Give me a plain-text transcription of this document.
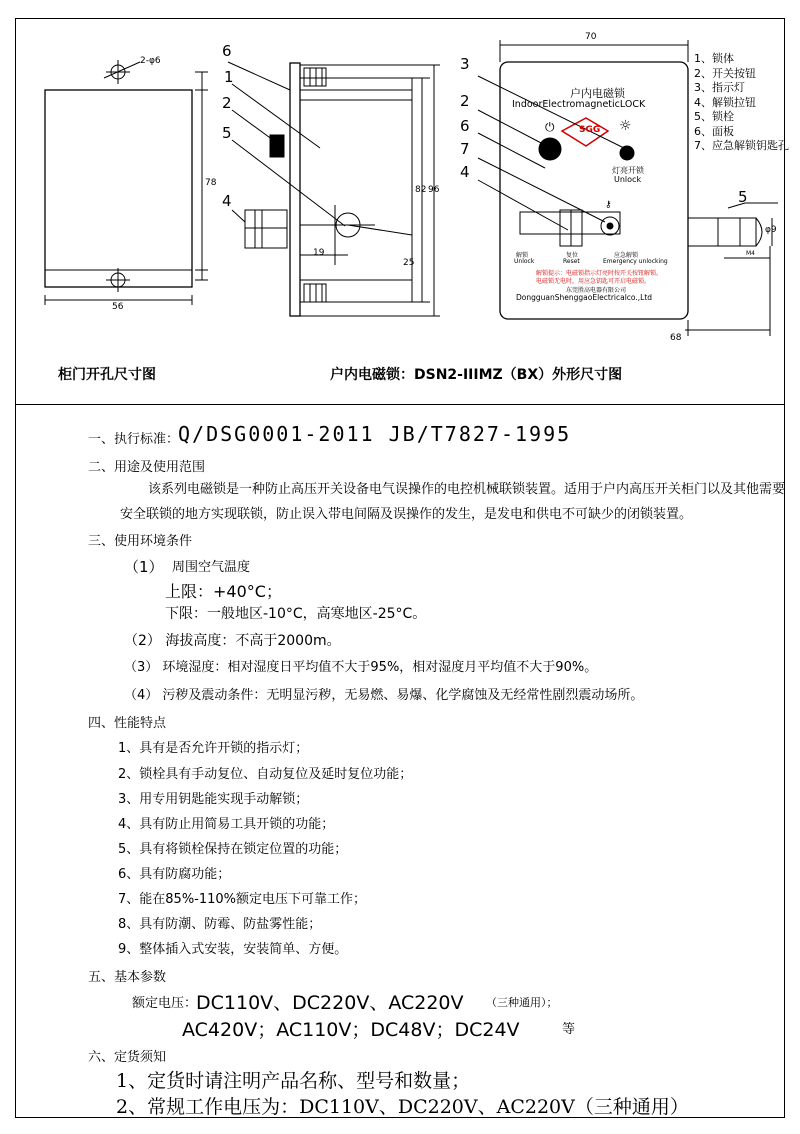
2-φ6
78
56
6
1
2
5
4
19
25
82 96
70
3
2
6
7
4
5
户内电磁锁
IndoorElectromagneticLOCK
⏻	SGG ☼
灯亮开锁
Unlock
⚷
解锁
Unlock
复位
Reset
应急解锁
Emergency unlocking
解锁提示：电磁锁指示灯亮时按开关按钮解锁。
电磁锁无电时，用应急钥匙可开启电磁锁。
东莞胜高电器有限公司
DongguanShenggaoElectricalco.,Ltd
φ9
M4
68
1、锁体
2、开关按钮
3、指示灯
4、解锁拉钮
5、锁栓
6、面板
7、应急解锁钥匙孔
柜门开孔尺寸图	户内电磁锁：DSN2-IIIMZ（BX）外形尺寸图
一、执行标准：
Q/DSG0001-2011 JB/T7827-1995
二、用途及使用范围
该系列电磁锁是一种防止高压开关设备电气误操作的电控机械联锁装置。适用于户内高压开关柜门以及其他需要
安全联锁的地方实现联锁，防止误入带电间隔及误操作的发生，是发电和供电不可缺少的闭锁装置。
三、使用环境条件
（1） 周围空气温度
上限：+40°C；
下限：一般地区-10°C，高寒地区-25°C。
（2） 海拔高度：不高于2000m。
（3） 环境湿度：相对湿度日平均值不大于95%，相对湿度月平均值不大于90%。
（4） 污秽及震动条件：无明显污秽，无易燃、易爆、化学腐蚀及无经常性剧烈震动场所。
四、性能特点
1、具有是否允许开锁的指示灯；
2、锁栓具有手动复位、自动复位及延时复位功能；
3、用专用钥匙能实现手动解锁；
4、具有防止用简易工具开锁的功能；
5、具有将锁栓保持在锁定位置的功能；
6、具有防腐功能；
7、能在85%-110%额定电压下可靠工作；
8、具有防潮、防霉、防盐雾性能；
9、整体插入式安装，安装简单、方便。
五、基本参数
额定电压：
DC110V、DC220V、AC220V （三种通用）；
AC420V；AC110V；DC48V；DC24V	等
六、定货须知
1、定货时请注明产品名称、型号和数量；
2、常规工作电压为：DC110V、DC220V、AC220V（三种通用）
